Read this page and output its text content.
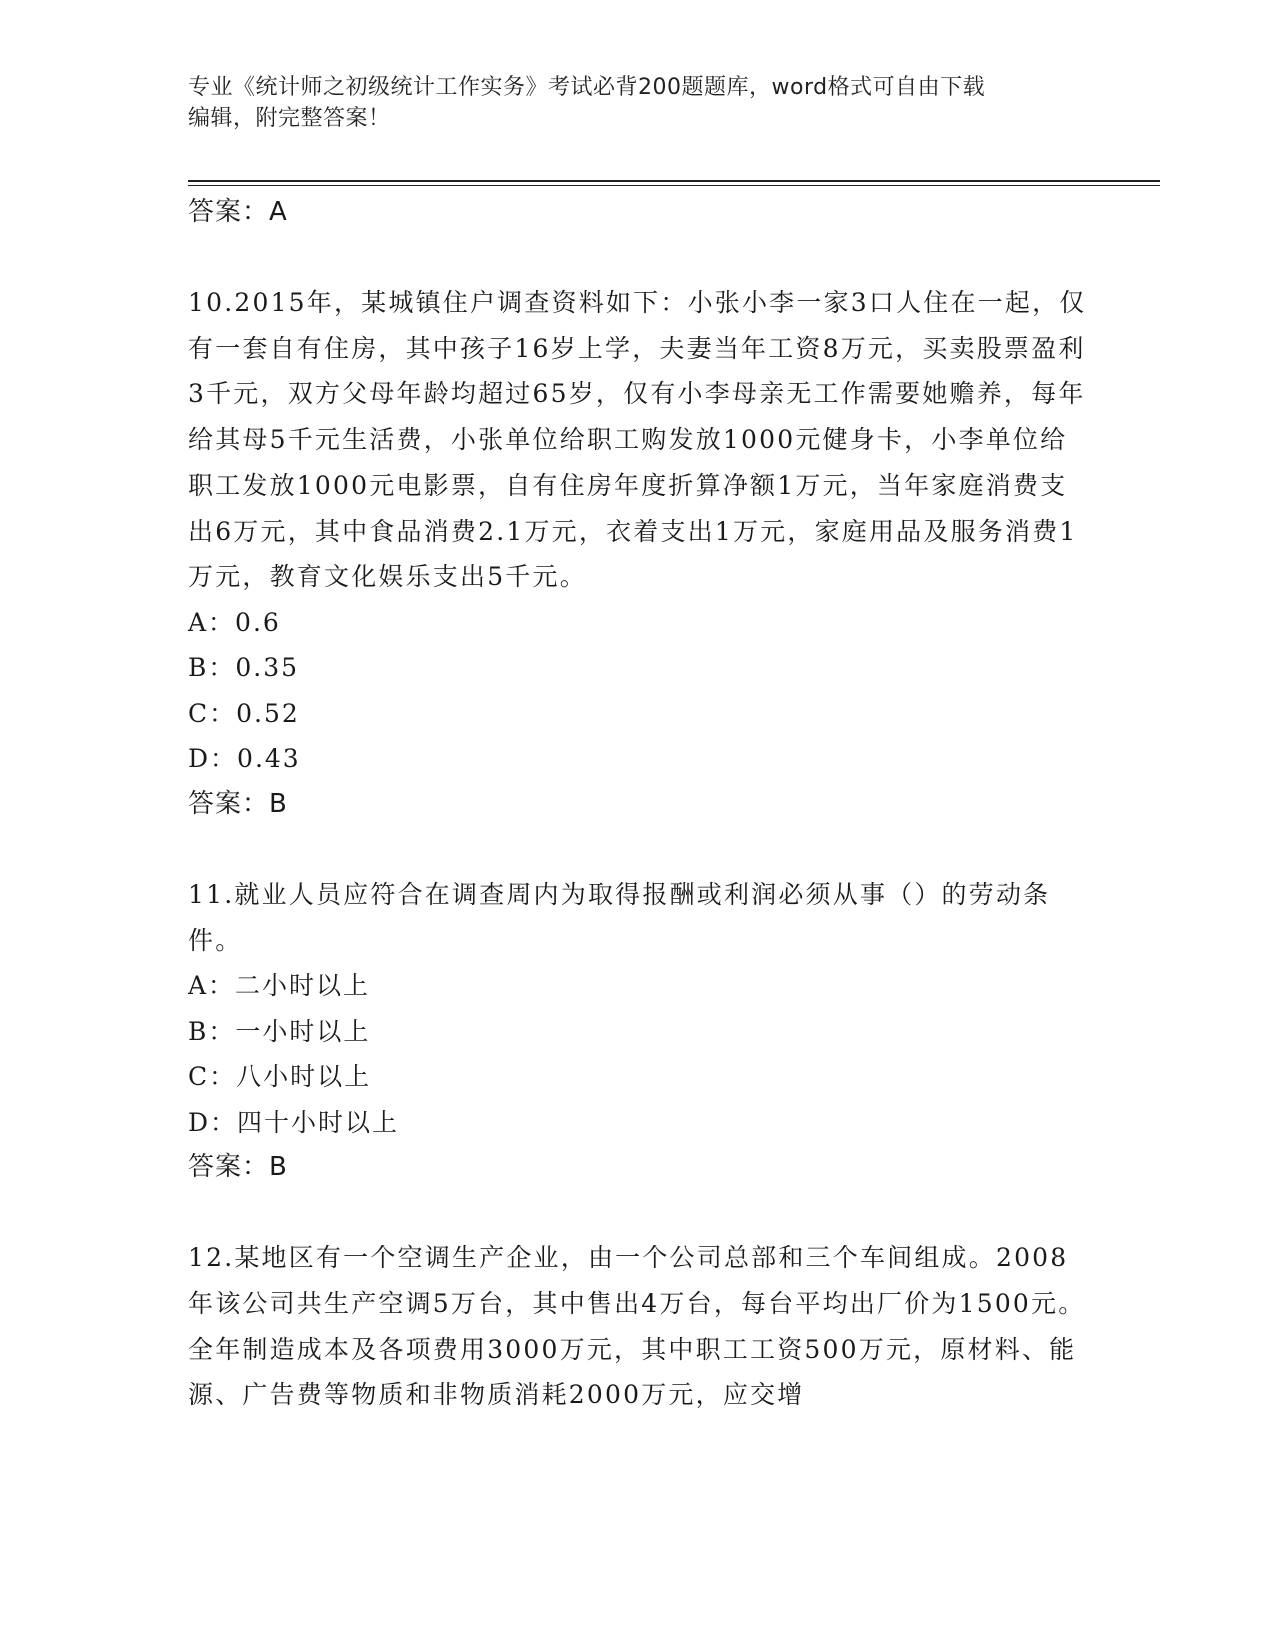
专业《统计师之初级统计工作实务》考试必背200题题库，word格式可自由下载
编辑，附完整答案！
答案：A
10.2015年，某城镇住户调查资料如下：小张小李一家3口人住在一起，仅有一套自有住房，其中孩子16岁上学，夫妻当年工资8万元，买卖股票盈利3千元，双方父母年龄均超过65岁，仅有小李母亲无工作需要她赡养，每年给其母5千元生活费，小张单位给职工购发放1000元健身卡，小李单位给职工发放1000元电影票，自有住房年度折算净额1万元，当年家庭消费支出6万元，其中食品消费2.1万元，衣着支出1万元，家庭用品及服务消费1万元，教育文化娱乐支出5千元。
A：0.6
B：0.35
C：0.52
D：0.43
答案：B
11.就业人员应符合在调查周内为取得报酬或利润必须从事（）的劳动条件。
A：二小时以上
B：一小时以上
C：八小时以上
D：四十小时以上
答案：B
12.某地区有一个空调生产企业，由一个公司总部和三个车间组成。2008年该公司共生产空调5万台，其中售出4万台，每台平均出厂价为1500元。全年制造成本及各项费用3000万元，其中职工工资500万元，原材料、能源、广告费等物质和非物质消耗2000万元，应交增
